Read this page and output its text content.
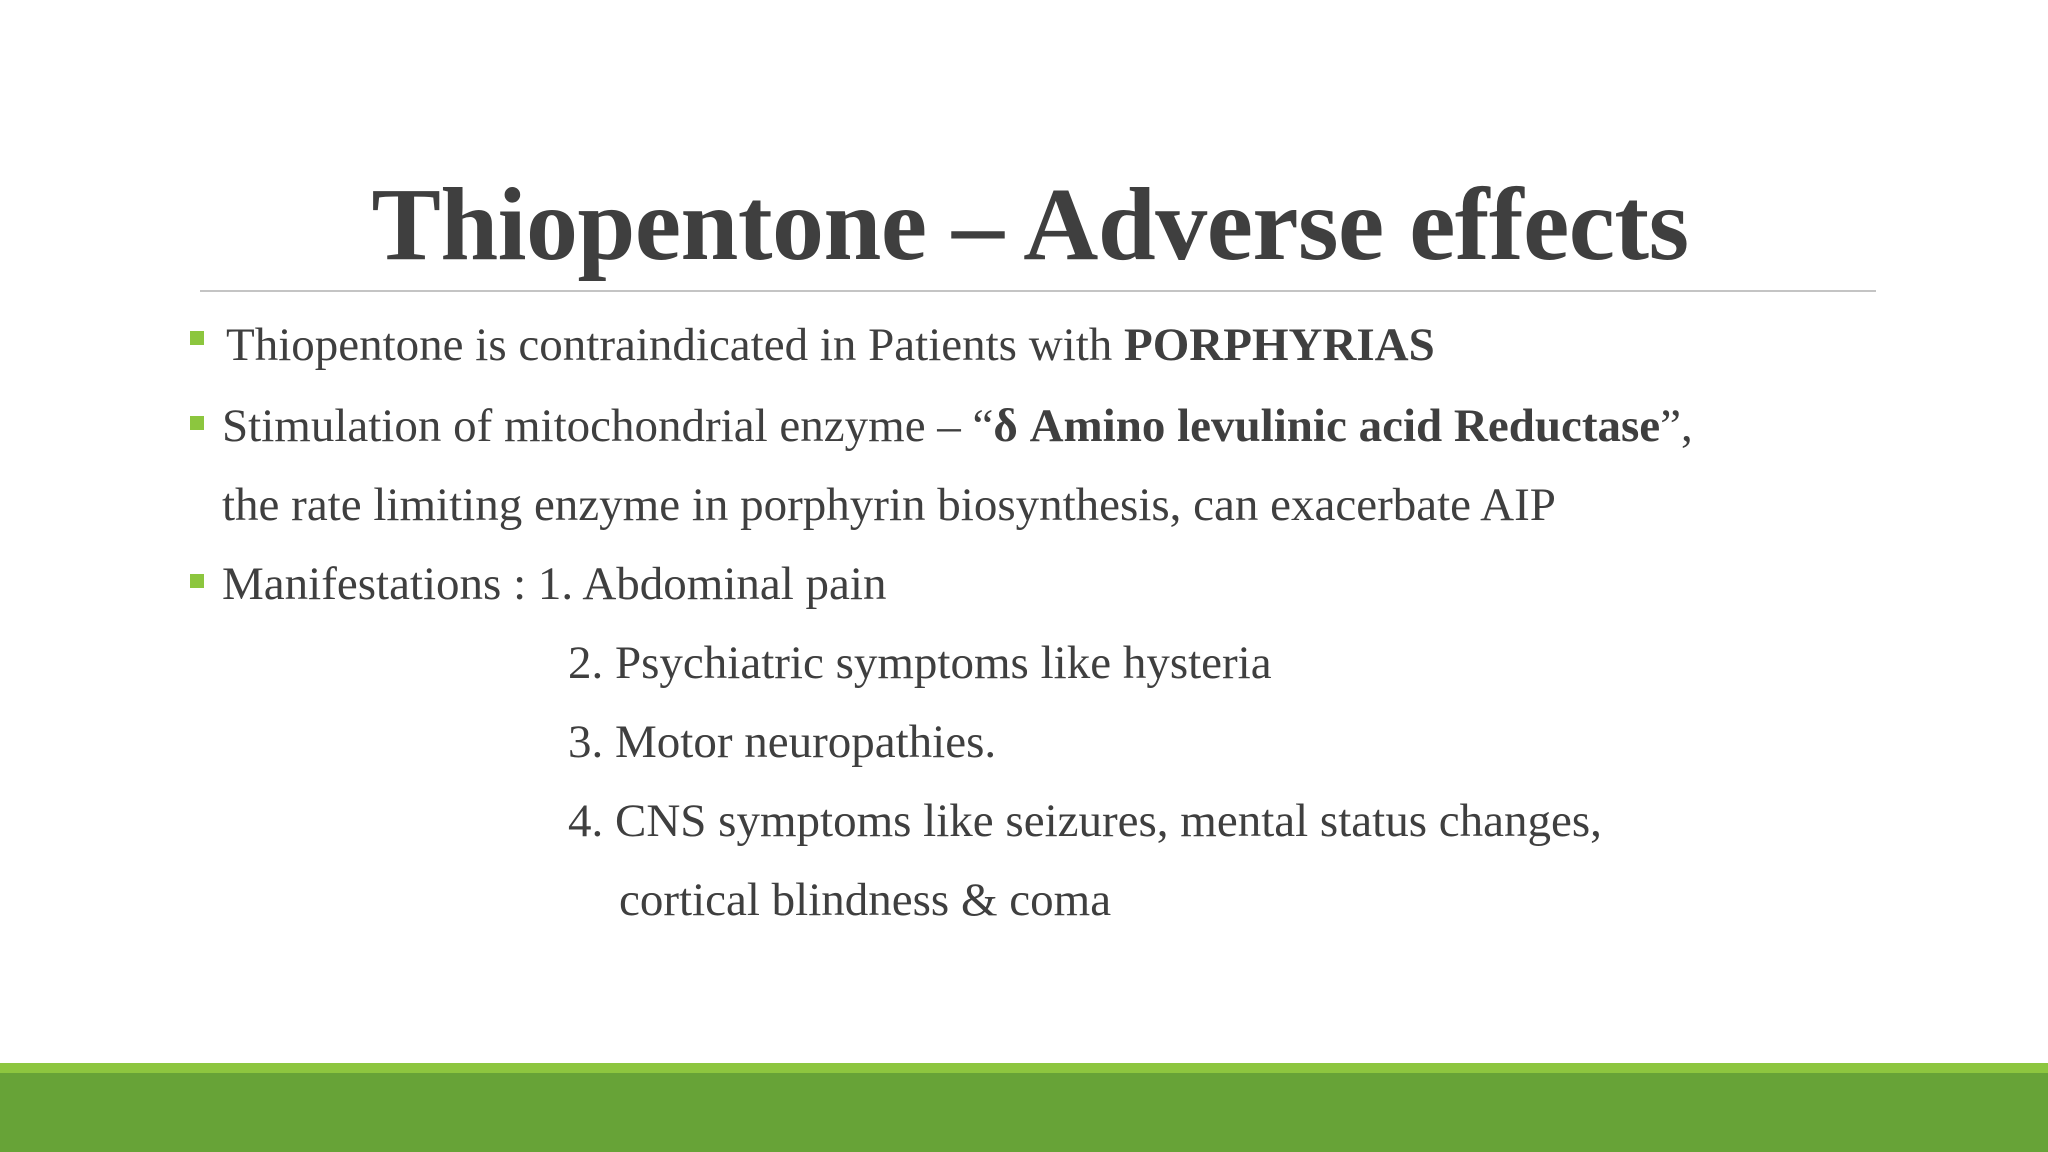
Thiopentone – Adverse effects
Thiopentone is contraindicated in Patients with PORPHYRIAS
Stimulation of mitochondrial enzyme – “δ Amino levulinic acid Reductase”,
the rate limiting enzyme in porphyrin biosynthesis, can exacerbate AIP
Manifestations : 1. Abdominal pain
2. Psychiatric symptoms like hysteria
3. Motor neuropathies.
4. CNS symptoms like seizures, mental status changes,
cortical blindness & coma
